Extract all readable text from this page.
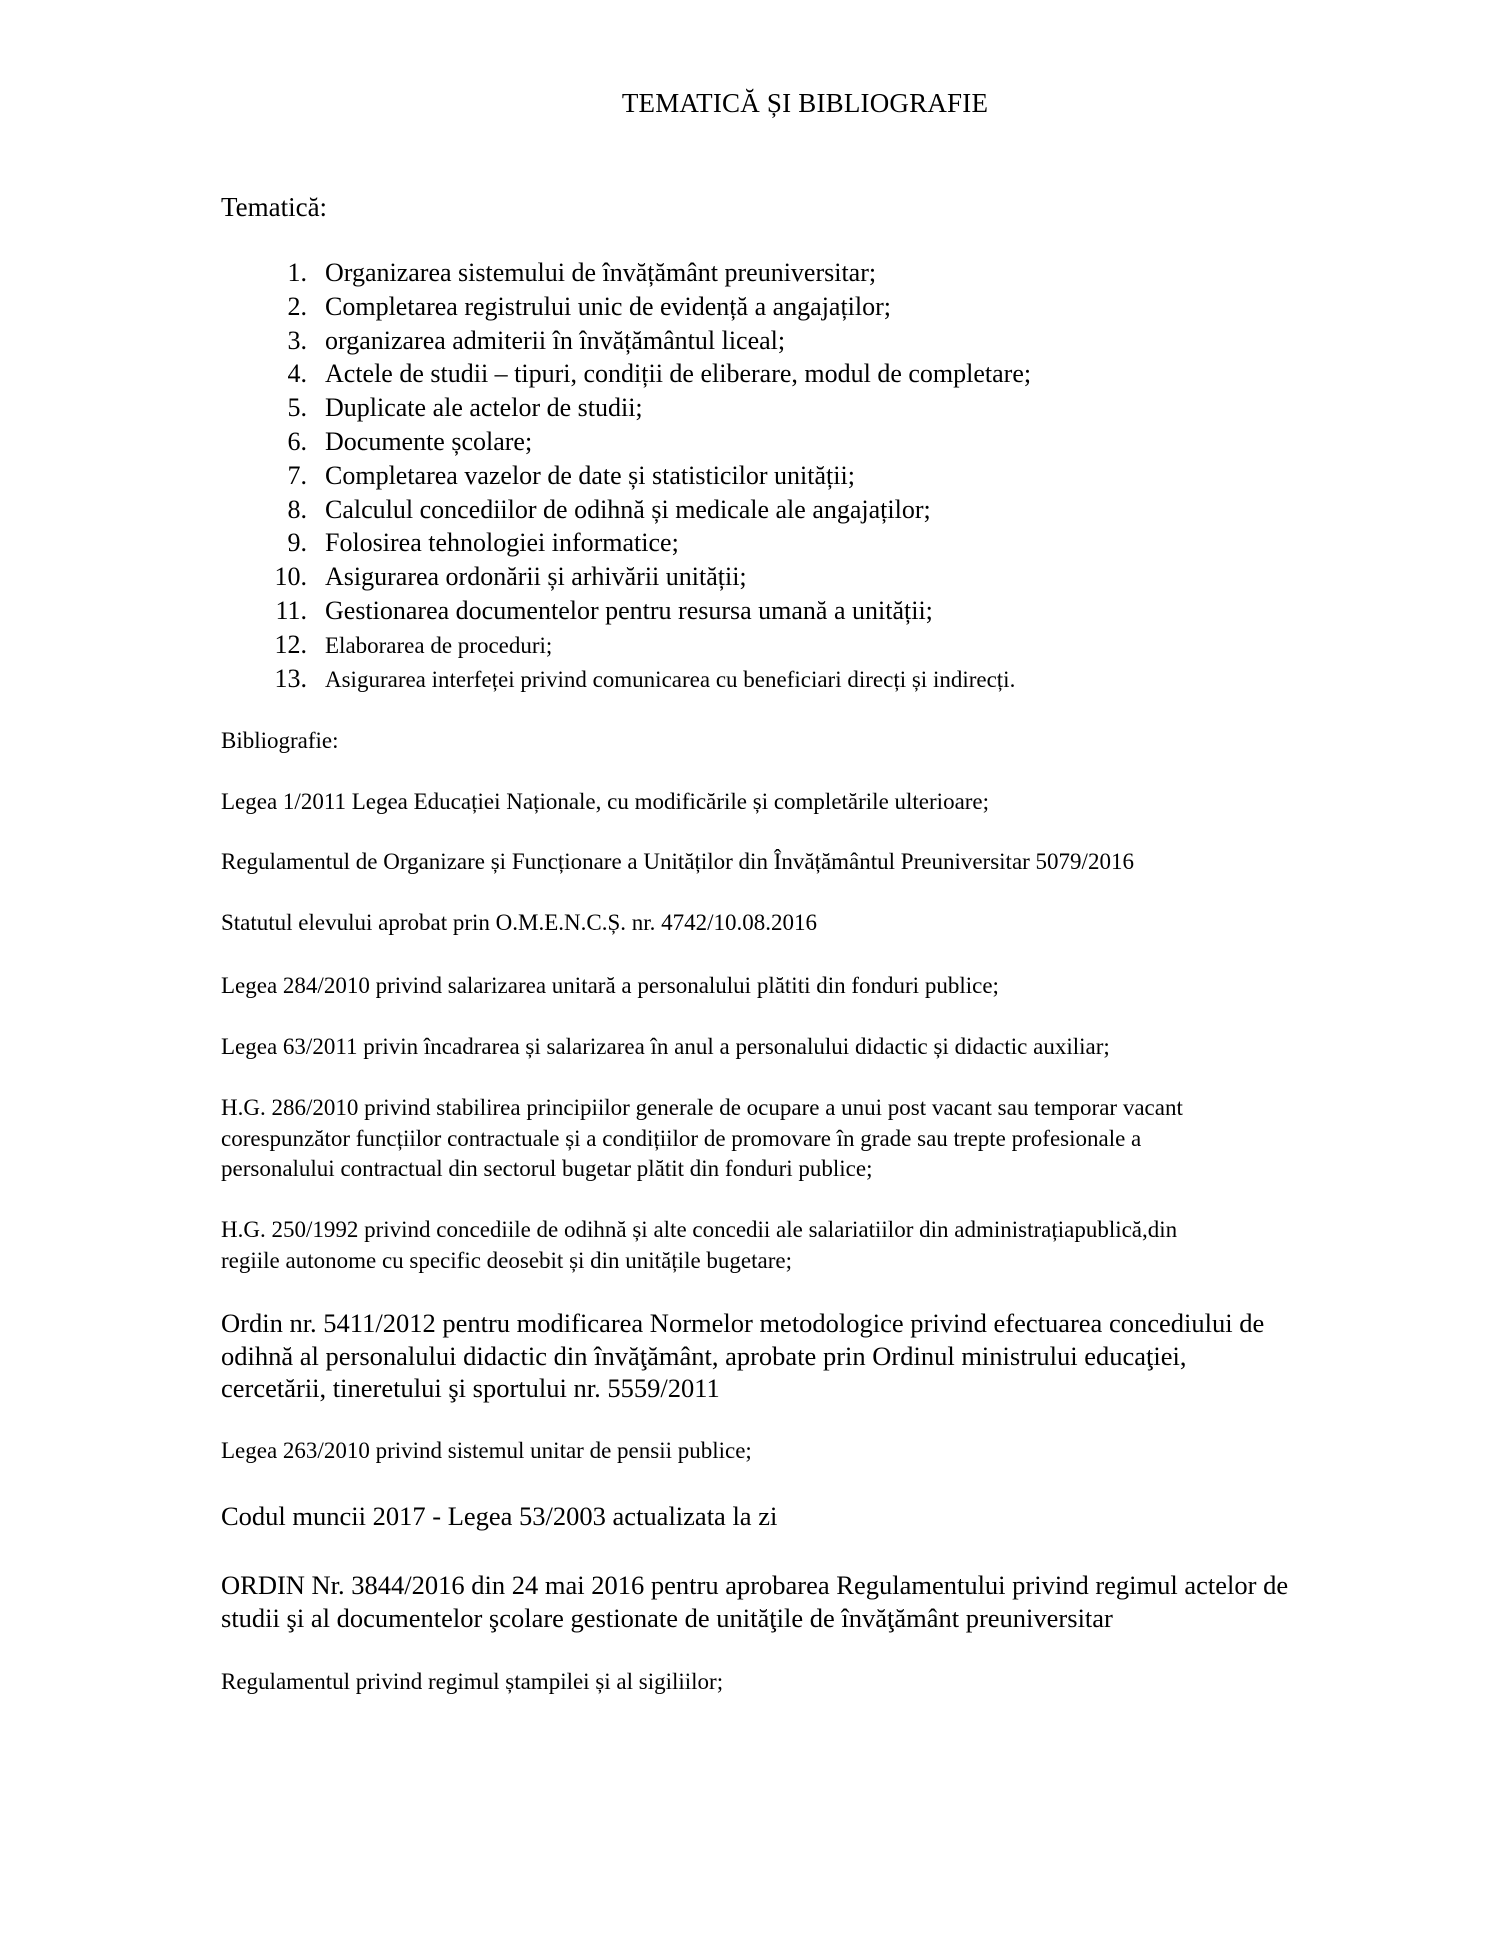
TEMATICĂ ȘI BIBLIOGRAFIE
Tematică:
1. Organizarea sistemului de învățământ preuniversitar;
2. Completarea registrului unic de evidență a angajaților;
3. organizarea admiterii în învățământul liceal;
4. Actele de studii – tipuri, condiții de eliberare, modul de completare;
5. Duplicate ale actelor de studii;
6. Documente școlare;
7. Completarea vazelor de date și statisticilor unității;
8. Calculul concediilor de odihnă și medicale ale angajaților;
9. Folosirea tehnologiei informatice;
10. Asigurarea ordonării și arhivării unității;
11. Gestionarea documentelor pentru resursa umană a unității;
12. Elaborarea de proceduri;
13. Asigurarea interfeței privind comunicarea cu beneficiari direcți și indirecți.
Bibliografie:
Legea 1/2011 Legea Educației Naționale, cu modificările și completările ulterioare;
Regulamentul de Organizare și Funcționare a Unităților din Învățământul Preuniversitar 5079/2016
Statutul elevului aprobat prin O.M.E.N.C.Ș. nr. 4742/10.08.2016
Legea 284/2010 privind salarizarea unitară a personalului plătiti din fonduri publice;
Legea 63/2011 privin încadrarea și salarizarea în anul a personalului didactic și didactic auxiliar;
H.G. 286/2010 privind stabilirea principiilor generale de ocupare a unui post vacant sau temporar vacant
corespunzător funcțiilor contractuale și a condițiilor de promovare în grade sau trepte profesionale a
personalului contractual din sectorul bugetar plătit din fonduri publice;
H.G. 250/1992 privind concediile de odihnă și alte concedii ale salariatiilor din administrațiapublică,din
regiile autonome cu specific deosebit și din unitățile bugetare;
Ordin nr. 5411/2012 pentru modificarea Normelor metodologice privind efectuarea concediului de
odihnă al personalului didactic din învăţământ, aprobate prin Ordinul ministrului educaţiei,
cercetării, tineretului şi sportului nr. 5559/2011
Legea 263/2010 privind sistemul unitar de pensii publice;
Codul muncii 2017 - Legea 53/2003 actualizata la zi
ORDIN Nr. 3844/2016 din 24 mai 2016 pentru aprobarea Regulamentului privind regimul actelor de
studii şi al documentelor şcolare gestionate de unităţile de învăţământ preuniversitar
Regulamentul privind regimul ștampilei și al sigiliilor;
